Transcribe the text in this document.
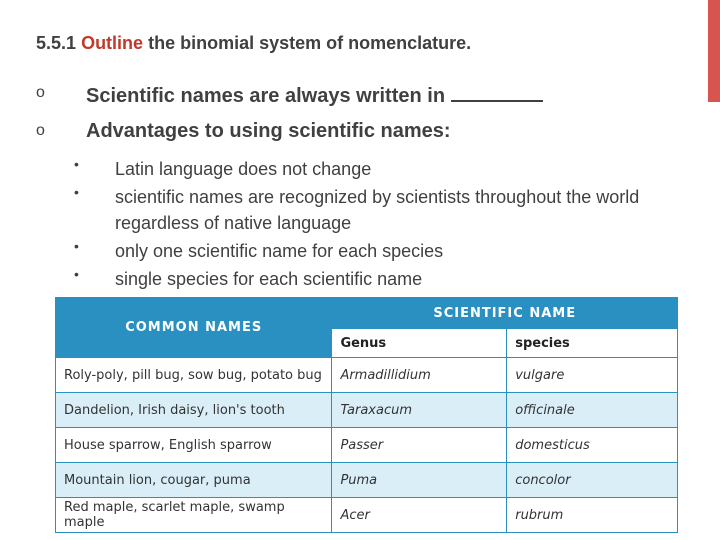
5.5.1 Outline the binomial system of nomenclature.
o Scientific names are always written in
o Advantages to using scientific names:
• Latin language does not change
• scientific names are recognized by scientists throughout the world regardless of native language
• only one scientific name for each species
• single species for each scientific name
COMMON NAMES	SCIENTIFIC NAME	
	Genus	species
Roly-poly, pill bug, sow bug, potato bug	Armadillidium	vulgare
Dandelion, Irish daisy, lion's tooth	Taraxacum	officinale
House sparrow, English sparrow	Passer	domesticus
Mountain lion, cougar, puma	Puma	concolor
Red maple, scarlet maple, swamp maple	Acer	rubrum
